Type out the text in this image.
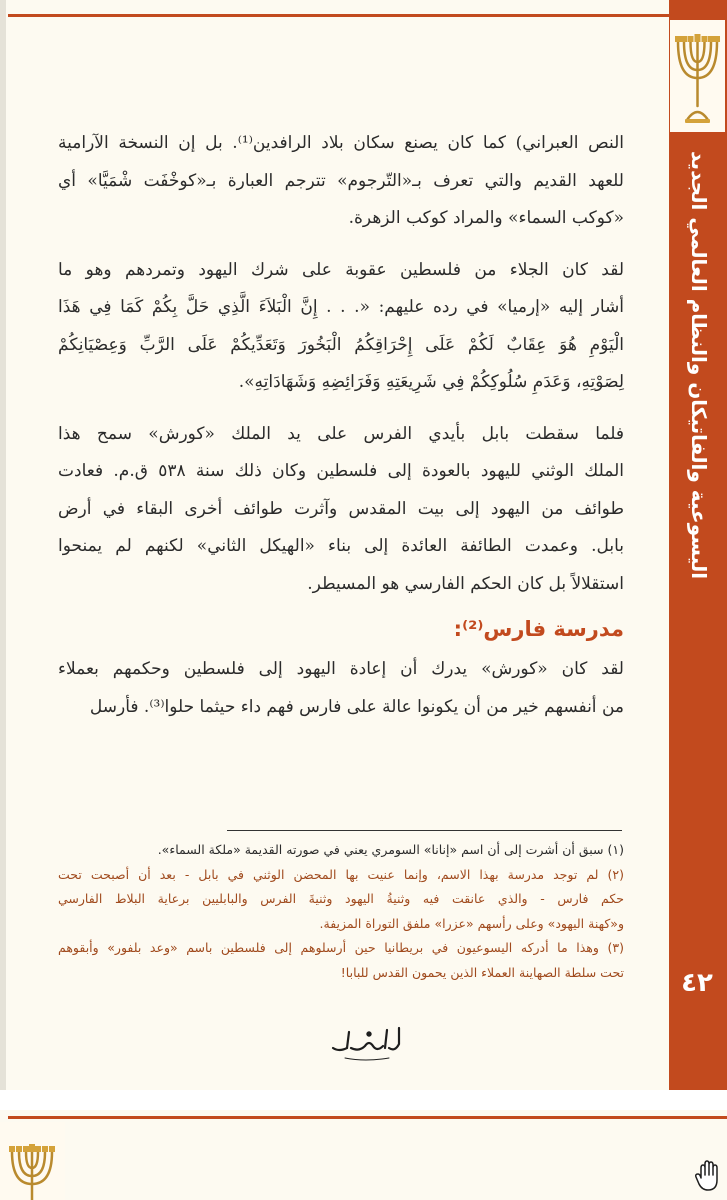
اليسوعية والفاتيكان والنظام العالمي الجديد
٤٢

النص العبراني) كما كان يصنع سكان بلاد الرافدين⁽¹⁾. بل إن النسخة الآرامية
للعهد القديم والتي تعرف بـ«التّرجوم» تترجم العبارة بـ«كوخْفَت شْمَيَّا» أي
«كوكب السماء» والمراد كوكب الزهرة.

لقد كان الجلاء من فلسطين عقوبة على شرك اليهود وتمردهم وهو ما
أشار إليه «إرميا» في رده عليهم: «. . . إِنَّ الْبَلاَءَ الَّذِي حَلَّ بِكُمْ كَمَا فِي هَذَا
الْيَوْمِ هُوَ عِقَابٌ لَكُمْ عَلَى إِحْرَاقِكُمُ الْبَخُورَ وَتَعَدِّيكُمْ عَلَى الرَّبِّ وَعِصْيَانِكُمْ
لِصَوْتِهِ، وَعَدَمِ سُلُوكِكُمْ فِي شَرِيعَتِهِ وَفَرَائِضِهِ وَشَهَادَاتِهِ».

فلما سقطت بابل بأيدي الفرس على يد الملك «كورش» سمح هذا
الملك الوثني لليهود بالعودة إلى فلسطين وكان ذلك سنة ٥٣٨ ق.م. فعادت
طوائف من اليهود إلى بيت المقدس وآثرت طوائف أخرى البقاء في أرض
بابل. وعمدت الطائفة العائدة إلى بناء «الهيكل الثاني» لكنهم لم يمنحوا
استقلالاً بل كان الحكم الفارسي هو المسيطر.

مدرسة فارس⁽²⁾:

لقد كان «كورش» يدرك أن إعادة اليهود إلى فلسطين وحكمهم بعملاء
من أنفسهم خير من أن يكونوا عالة على فارس فهم داء حيثما حلوا⁽³⁾. فأرسل

(١) سبق أن أشرت إلى أن اسم «إنانا» السومري يعني في صورته القديمة «ملكة السماء».

(٢) لم توجد مدرسة بهذا الاسم، وإنما عنيت بها المحضن الوثني في بابل - بعد أن أصبحت تحت
حكم فارس - والذي عانقت فيه وثنيةُ اليهود وثنيةَ الفرس والبابليين برعاية البلاط الفارسي
و«كهنة اليهود» وعلى رأسهم «عزرا» ملفق التوراة المزيفة.

(٣) وهذا ما أدركه اليسوعيون في بريطانيا حين أرسلوهم إلى فلسطين باسم «وعد بلفور» وأبقوهم
تحت سلطة الصهاينة العملاء الذين يحمون القدس للبابا!
